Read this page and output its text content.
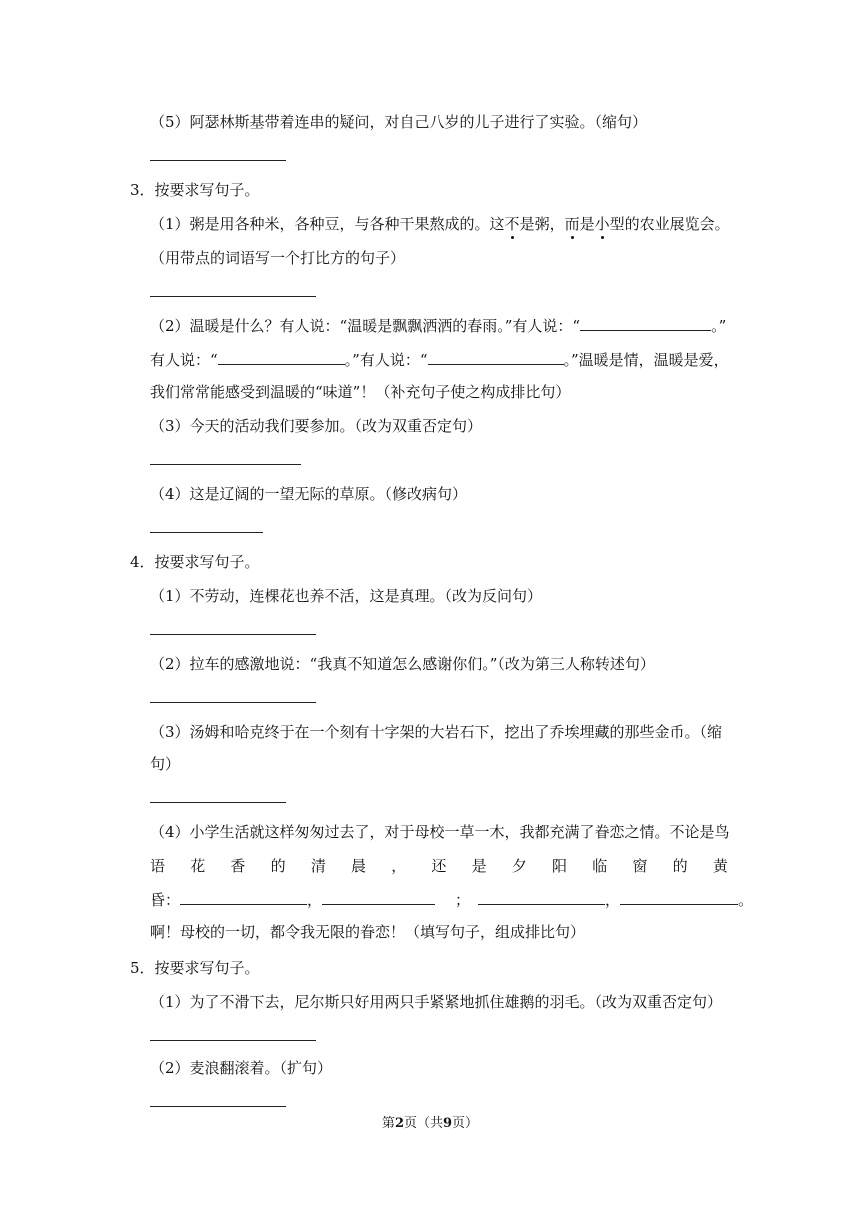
（5）阿瑟林斯基带着连串的疑问，对自己八岁的儿子进行了实验。（缩句）
3．按要求写句子。
（1）粥是用各种米，各种豆，与各种干果熬成的。这不是粥，而是小型的农业展览会。
（用带点的词语写一个打比方的句子）
（2）温暖是什么？有人说：“温暖是飘飘洒洒的春雨。”有人说：“	。”
有人说：“	。”有人说：“	。”温暖是情，温暖是爱，
我们常常能感受到温暖的“味道”！（补充句子使之构成排比句）
（3）今天的活动我们要参加。（改为双重否定句）
（4）这是辽阔的一望无际的草原。（修改病句）
4．按要求写句子。
（1）不劳动，连棵花也养不活，这是真理。（改为反问句）
（2）拉车的感激地说：“我真不知道怎么感谢你们。”（改为第三人称转述句）
（3）汤姆和哈克终于在一个刻有十字架的大岩石下，挖出了乔埃埋藏的那些金币。（缩
句）
（4）小学生活就这样匆匆过去了，对于母校一草一木，我都充满了眷恋之情。不论是鸟
语 花 香 的 清 晨 ， 还 是 夕 阳 临 窗 的 黄
昏：	，	；	，	。
啊！母校的一切，都令我无限的眷恋！（填写句子，组成排比句）
5．按要求写句子。
（1）为了不滑下去，尼尔斯只好用两只手紧紧地抓住雄鹅的羽毛。（改为双重否定句）
（2）麦浪翻滚着。（扩句）
第2页（共9页）
